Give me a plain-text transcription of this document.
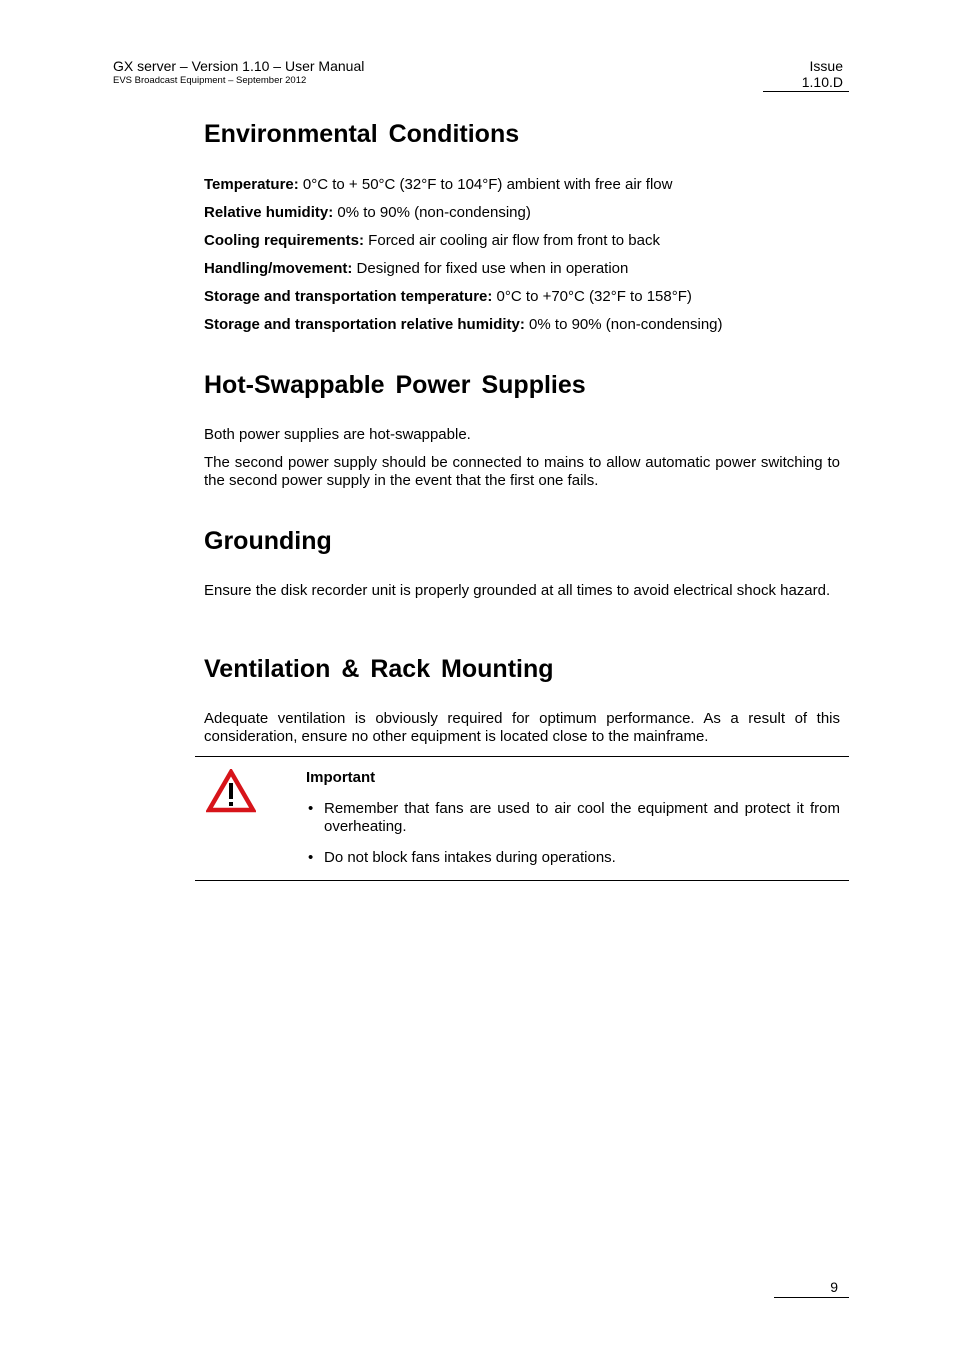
GX server – Version 1.10 – User Manual
EVS Broadcast Equipment – September 2012
Issue
1.10.D
Environmental Conditions
Temperature: 0°C to + 50°C (32°F to 104°F) ambient with free air flow
Relative humidity: 0% to 90% (non-condensing)
Cooling requirements: Forced air cooling air flow from front to back
Handling/movement: Designed for fixed use when in operation
Storage and transportation temperature: 0°C to +70°C (32°F to 158°F)
Storage and transportation relative humidity: 0% to 90% (non-condensing)
Hot-Swappable Power Supplies
Both power supplies are hot-swappable.
The second power supply should be connected to mains to allow automatic power switching to the second power supply in the event that the first one fails.
Grounding
Ensure the disk recorder unit is properly grounded at all times to avoid electrical shock hazard.
Ventilation & Rack Mounting
Adequate ventilation is obviously required for optimum performance. As a result of this consideration, ensure no other equipment is located close to the mainframe.
Important
• Remember that fans are used to air cool the equipment and protect it from overheating.
• Do not block fans intakes during operations.
9
